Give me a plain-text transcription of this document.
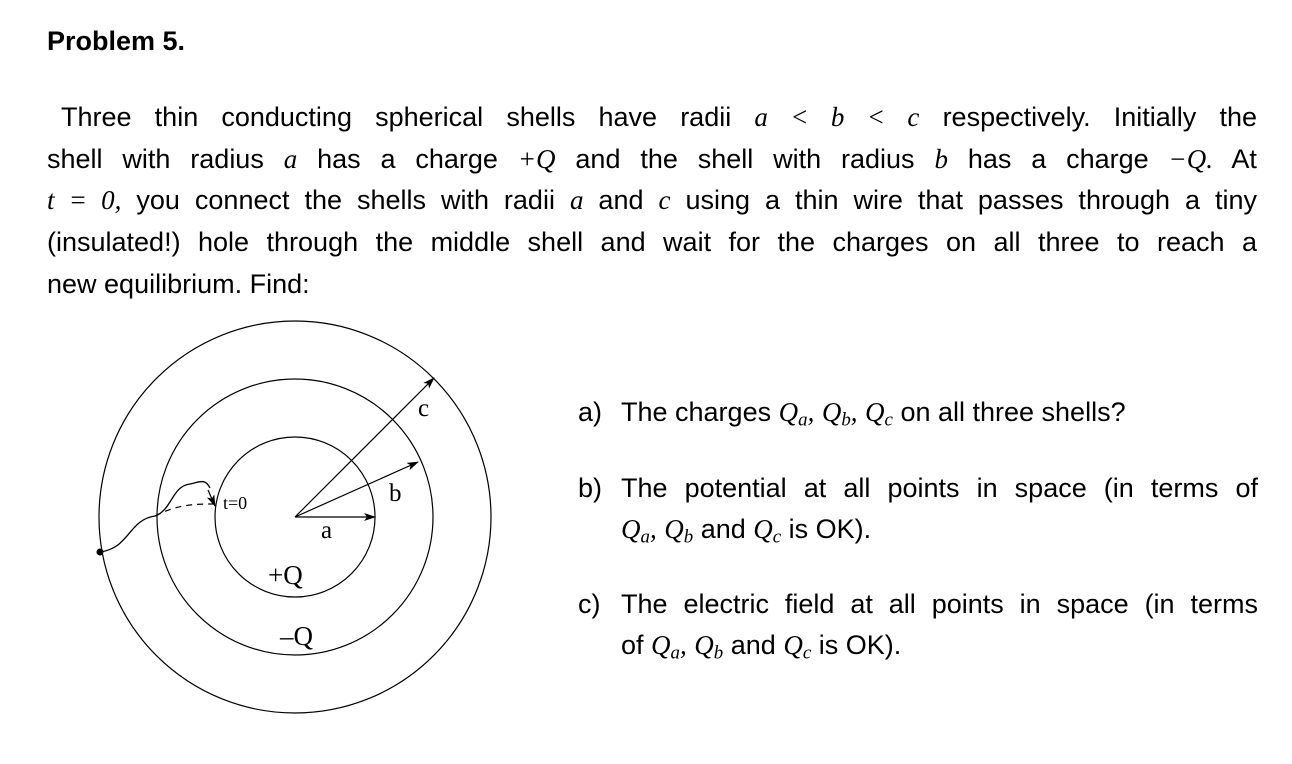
Problem 5.
Three thin conducting spherical shells have radii a < b < c respectively. Initially the
shell with radius a has a charge +Q and the shell with radius b has a charge −Q. At
t = 0, you connect the shells with radii a and c using a thin wire that passes through a tiny
(insulated!) hole through the middle shell and wait for the charges on all three to reach a
new equilibrium. Find:
c
b
a
t=0
+Q
–Q
a) The charges $Q_a$, $Q_b$, $Q_c$ on all three shells?
b) The potential at all points in space (in terms of
$Q_a$, $Q_b$ and $Q_c$ is OK).
c) The electric field at all points in space (in terms
of $Q_a$, $Q_b$ and $Q_c$ is OK).
